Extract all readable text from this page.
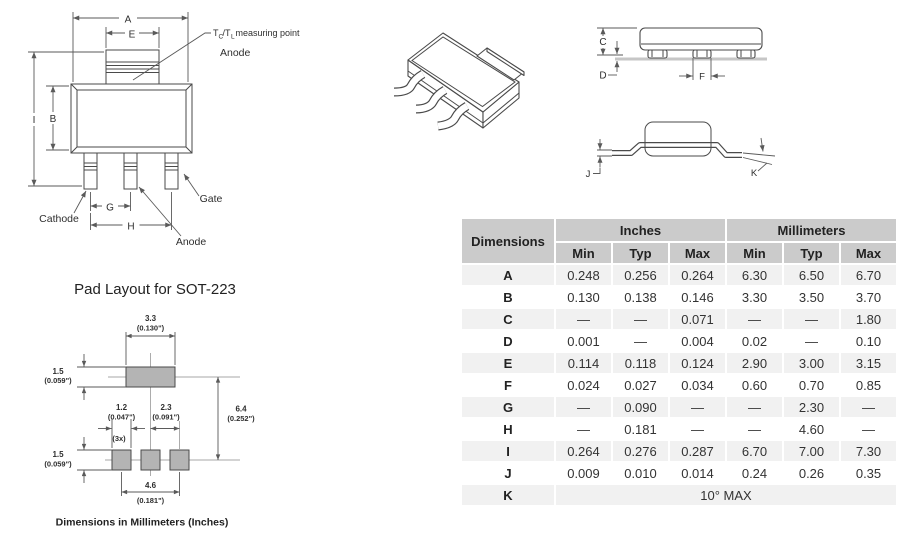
A
E
I B
G
H
T C /T L measuring point
Anode
Cathode
Gate
Anode
C
D	F
J	K
Pad Layout for SOT-223
3.3
(0.130")
1.5
(0.059")
1.2
(0.047")
(3x)
2.3
(0.091")
6.4
(0.252")
1.5
(0.059")
4.6
(0.181")
Dimensions in Millimeters (Inches)
Dimensions	Inches			Millimeters		
	Min	Typ	Max	Min	Typ	Max
A	0.248	0.256	0.264	6.30	6.50	6.70
B	0.130	0.138	0.146	3.30	3.50	3.70
C	—	—	0.071	—	—	1.80
D	0.001	—	0.004	0.02	—	0.10
E	0.114	0.118	0.124	2.90	3.00	3.15
F	0.024	0.027	0.034	0.60	0.70	0.85
G	—	0.090	—	—	2.30	—
H	—	0.181	—	—	4.60	—
I	0.264	0.276	0.287	6.70	7.00	7.30
J	0.009	0.010	0.014	0.24	0.26	0.35
K	10° MAX					
